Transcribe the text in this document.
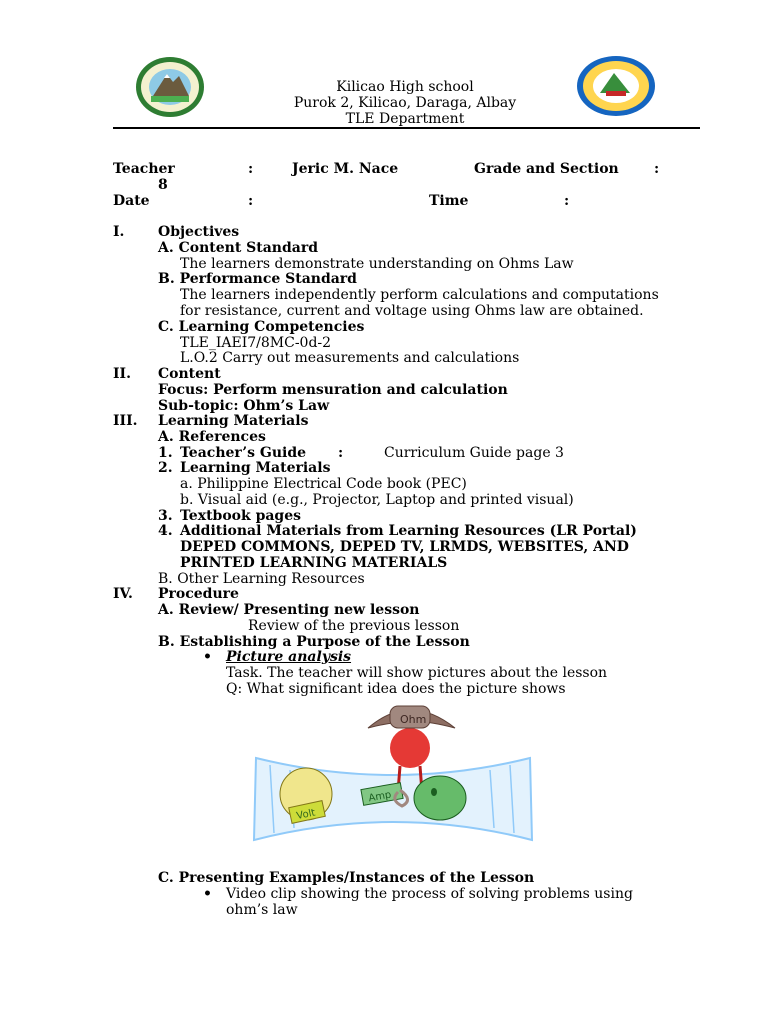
Kilicao High school
Purok 2, Kilicao, Daraga, Albay
TLE Department
Teacher	:	Jeric M. Nace	Grade and Section	:
8
Date	:	Time	:
I. Objectives
A. Content Standard
The learners demonstrate understanding on Ohms Law
B. Performance Standard
The learners independently perform calculations and computations
for resistance, current and voltage using Ohms law are obtained.
C. Learning Competencies
TLE_IAEI7/8MC-0d-2
L.O.2 Carry out measurements and calculations
II. Content
Focus: Perform mensuration and calculation
Sub-topic: Ohm’s Law
III. Learning Materials
A. References
1. Teacher’s Guide :	Curriculum Guide page 3
2. Learning Materials
a. Philippine Electrical Code book (PEC)
b. Visual aid (e.g., Projector, Laptop and printed visual)
3. Textbook pages
4. Additional Materials from Learning Resources (LR Portal)
DEPED COMMONS, DEPED TV, LRMDS, WEBSITES, AND
PRINTED LEARNING MATERIALS
B. Other Learning Resources
IV. Procedure
A. Review/ Presenting new lesson
Review of the previous lesson
B. Establishing a Purpose of the Lesson
• Picture analysis
Task. The teacher will show pictures about the lesson
Q: What significant idea does the picture shows
Ohm
Volt
Amp
C. Presenting Examples/Instances of the Lesson
• Video clip showing the process of solving problems using
ohm’s law
